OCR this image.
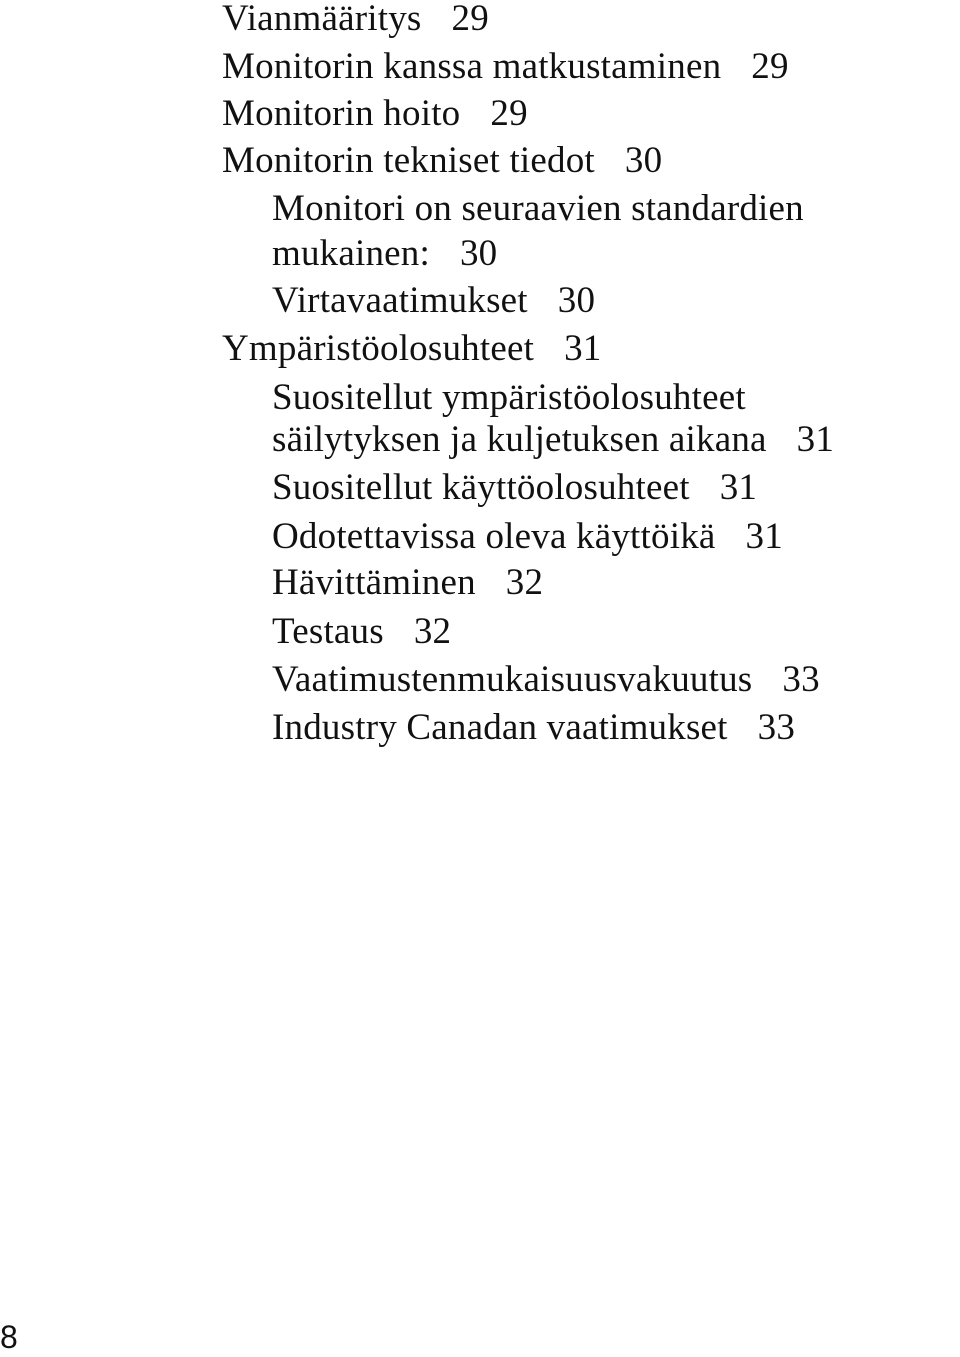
Vianmääritys 29
Monitorin kanssa matkustaminen 29
Monitorin hoito 29
Monitorin tekniset tiedot 30
Monitori on seuraavien standardien
mukainen: 30
Virtavaatimukset 30
Ympäristöolosuhteet 31
Suositellut ympäristöolosuhteet
säilytyksen ja kuljetuksen aikana 31
Suositellut käyttöolosuhteet 31
Odotettavissa oleva käyttöikä 31
Hävittäminen 32
Testaus 32
Vaatimustenmukaisuusvakuutus 33
Industry Canadan vaatimukset 33
8
